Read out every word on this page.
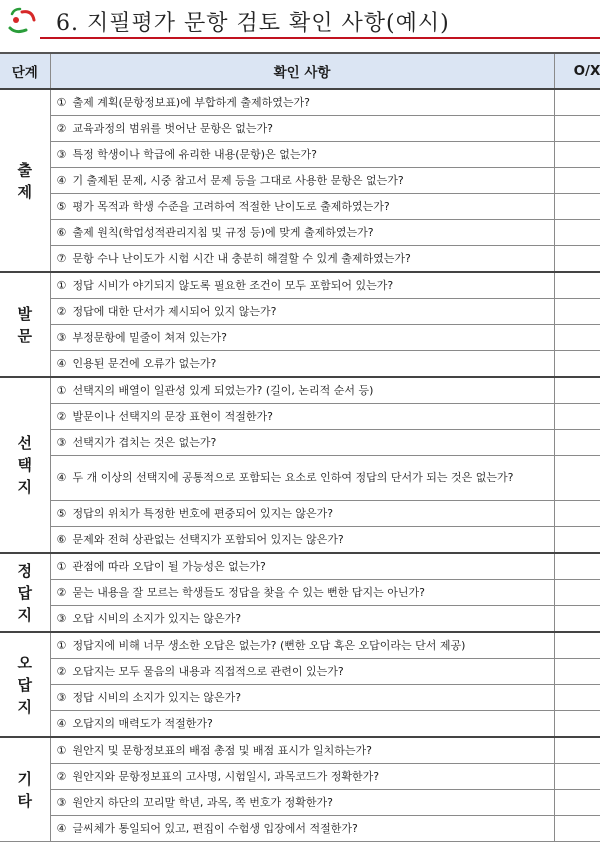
6. 지필평가 문항 검토 확인 사항(예시)
단계	확인 사항	O/X

출
제	① 출제 계획(문항정보표)에 부합하게 출제하였는가?	
	② 교육과정의 범위를 벗어난 문항은 없는가?	
	③ 특정 학생이나 학급에 유리한 내용(문항)은 없는가?	
	④ 기 출제된 문제, 시중 참고서 문제 등을 그대로 사용한 문항은 없는가?	
	⑤ 평가 목적과 학생 수준을 고려하여 적절한 난이도로 출제하였는가?	
	⑥ 출제 원칙(학업성적관리지침 및 규정 등)에 맞게 출제하였는가?	
	⑦ 문항 수나 난이도가 시험 시간 내 충분히 해결할 수 있게 출제하였는가?	

발
문	① 정답 시비가 야기되지 않도록 필요한 조건이 모두 포함되어 있는가?	
	② 정답에 대한 단서가 제시되어 있지 않는가?	
	③ 부정문항에 밑줄이 쳐져 있는가?	
	④ 인용된 문건에 오류가 없는가?	

선
택
지	① 선택지의 배열이 일관성 있게 되었는가? (길이, 논리적 순서 등)	
	② 발문이나 선택지의 문장 표현이 적절한가?	
	③ 선택지가 겹치는 것은 없는가?	
	④ 두 개 이상의 선택지에 공통적으로 포함되는 요소로 인하여 정답의 단서가 되는 것은 없는가?	
	⑤ 정답의 위치가 특정한 번호에 편중되어 있지는 않은가?	
	⑥ 문제와 전혀 상관없는 선택지가 포함되어 있지는 않은가?	

정
답
지	① 관점에 따라 오답이 될 가능성은 없는가?	
	② 묻는 내용을 잘 모르는 학생들도 정답을 찾을 수 있는 뻔한 답지는 아닌가?	
	③ 오답 시비의 소지가 있지는 않은가?	

오
답
지	① 정답지에 비해 너무 생소한 오답은 없는가? (뻔한 오답 혹은 오답이라는 단서 제공)	
	② 오답지는 모두 물음의 내용과 직접적으로 관련이 있는가?	
	③ 정답 시비의 소지가 있지는 않은가?	
	④ 오답지의 매력도가 적절한가?	

기
타	① 원안지 및 문항정보표의 배점 총점 및 배점 표시가 일치하는가?	
	② 원안지와 문항정보표의 고사명, 시험일시, 과목코드가 정확한가?	
	③ 원안지 하단의 꼬리말 학년, 과목, 쪽 번호가 정확한가?	
	④ 글씨체가 통일되어 있고, 편집이 수험생 입장에서 적절한가?	
